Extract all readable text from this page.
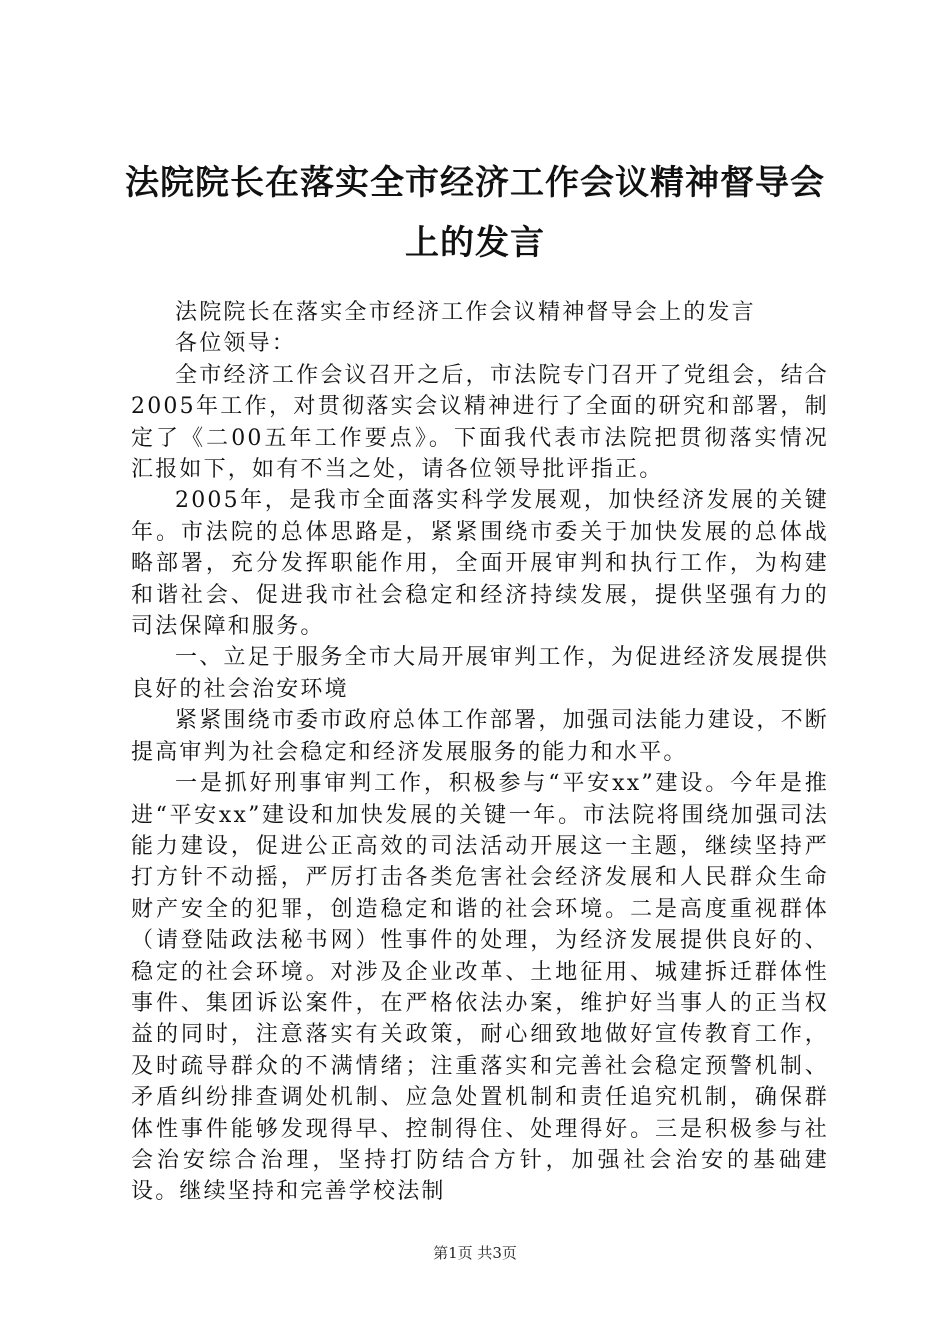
法院院长在落实全市经济工作会议精神督导会上的发言

法院院长在落实全市经济工作会议精神督导会上的发言

各位领导：

全市经济工作会议召开之后，市法院专门召开了党组会，结合2005年工作，对贯彻落实会议精神进行了全面的研究和部署，制定了《二00五年工作要点》。下面我代表市法院把贯彻落实情况汇报如下，如有不当之处，请各位领导批评指正。

2005年，是我市全面落实科学发展观，加快经济发展的关键年。市法院的总体思路是，紧紧围绕市委关于加快发展的总体战略部署，充分发挥职能作用，全面开展审判和执行工作，为构建和谐社会、促进我市社会稳定和经济持续发展，提供坚强有力的司法保障和服务。

一、立足于服务全市大局开展审判工作，为促进经济发展提供良好的社会治安环境

紧紧围绕市委市政府总体工作部署，加强司法能力建设，不断提高审判为社会稳定和经济发展服务的能力和水平。

一是抓好刑事审判工作，积极参与“平安xx”建设。今年是推进“平安xx”建设和加快发展的关键一年。市法院将围绕加强司法能力建设，促进公正高效的司法活动开展这一主题，继续坚持严打方针不动摇，严厉打击各类危害社会经济发展和人民群众生命财产安全的犯罪，创造稳定和谐的社会环境。二是高度重视群体（请登陆政法秘书网）性事件的处理，为经济发展提供良好的、稳定的社会环境。对涉及企业改革、土地征用、城建拆迁群体性事件、集团诉讼案件，在严格依法办案，维护好当事人的正当权益的同时，注意落实有关政策，耐心细致地做好宣传教育工作，及时疏导群众的不满情绪；注重落实和完善社会稳定预警机制、矛盾纠纷排查调处机制、应急处置机制和责任追究机制，确保群体性事件能够发现得早、控制得住、处理得好。三是积极参与社会治安综合治理，坚持打防结合方针，加强社会治安的基础建设。继续坚持和完善学校法制

第1页 共3页
